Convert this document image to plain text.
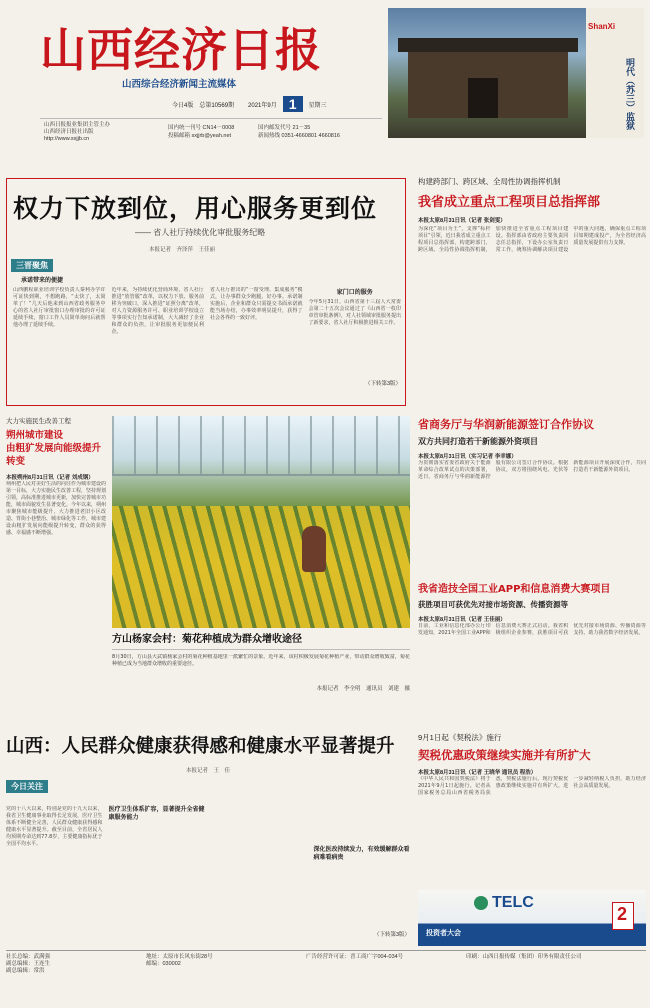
山西经济日报
山西综合经济新闻主流媒体
今日4版 总第10569期 2021年9月 1	星期三
山西日报报业集团主管主办
山西经济日报社出版
http://www.sxjjb.cn
国内统一刊号 CN14－0008
投稿邮箱 sxjjrb@yeah.net
国内邮发代号 21－35
新闻热线 0351-4660801 4660816
明代（苏三）监狱
ShanXi
权力下放到位，用心服务更到位
—— 省人社厅持续优化审批服务纪略
本报记者　齐泽萍　王佳丽
三晋聚焦
承诺带来的便捷
山西鹏程职业培训学校负责人秦利办学许可证快到期，不想跑路，“太快了，太简单了！”几天后他来到山西省政务服务中心的省人社厅审批窗口办理审批的许可证延续手续，窗口工作人员简单询问后就帮他办理了延续手续。
近年来，为持续优化营商环境，省人社厅推进“放管服”改革，以权力下放、服务前移为突破口，深入推进“证照分离”改革，对人力资源服务许可、职业培训学校设立等事项实行告知承诺制，大大减轻了企业和群众的负担，让审批服务更加便民利企。
省人社厅推出的“一窗受理、集成服务”模式，让办事群众少跑腿、好办事。承诺制实施后，企业和群众只需提交书面承诺就能当场办结，办事效率明显提升，获得了社会各界的一致好评。
家门口的服务
今年5月31日，山西省第十三届人大常委会第二十五次会议通过了《山西省一枚印章管审批条例》，对人社领域审批服务提出了新要求，省人社厅积极推进相关工作。
（下转第3版）
构建跨部门、跨区域、全局性协调指挥机制
我省成立重点工程项目总指挥部
本报太原8月31日讯（记者 张剑雯）
为深化“项目为王”，支撑“标杆项目”引领，近日我省成立重点工程项目总指挥部，构建跨部门、跨区域、全局性协调指挥机制，加快推进全省重点工程项目建设。指挥部由省政府主要负责同志任总指挥，下设办公室负责日常工作，统筹协调解决项目建设中的重大问题，确保重点工程项目如期建成投产，为全省经济高质量发展提供有力支撑。
大力实施民生改善工程
朔州城市建设
由粗犷发展向能级提升转变
本报朔州8月31日讯（记者 刘成钢）
朔州把人民对美好生活的向往作为城市建设的第一目标，大力实施民生改善工程，坚持规划引领，高标准推进城市更新，加快完善城市功能，城市面貌发生显著变化。今年以来，朔州市聚焦城市能级提升，大力推进老旧小区改造、背街小巷整治、城市绿化等工作，城市建设由粗犷发展向能级提升转变，群众的获得感、幸福感不断增强。
方山杨家会村：菊花种植成为群众增收途径
8月30日，方山县大武镇杨家会村的菊花种植基地里一派繁忙的景象。近年来，该村积极发展菊花种植产业，带动群众增收致富，菊花种植已成为当地群众增收的重要途径。
本报记者　李全明　通讯员　刘建　摄
省商务厅与华润新能源签订合作协议
双方共同打造若干新能源外资项目
本报太原8月31日讯（实习记者 李幸娜）
为贯彻落实省委省政府关于能源革命综合改革试点的决策部署，近日，省商务厅与华润新能源控股有限公司签订合作协议。根据协议，双方将围绕风电、光伏等新能源项目开展深度合作，共同打造若干新能源外资项目。
我省造技全国工业APP和信息消费大赛项目
获胜项目可获优先对接市场资源、传播资源等
本报太原8月31日讯（记者 王佳丽）
日前，工业和信息化部办公厅印发通知，2021年全国工业APP和信息消费大赛正式启动。我省积极组织企业参赛，获胜项目可获优先对接市场资源、传播资源等支持，助力我省数字经济发展。
山西：人民群众健康获得感和健康水平显著提升
本报记者　王　佳
今日关注
党的十八大以来，特别是党的十九大以来，我省卫生健康事业取得长足发展，医疗卫生体系不断健全完善，人民群众健康获得感和健康水平显著提升。截至目前，全省居民人均预期寿命达到77.8岁，主要健康指标优于全国平均水平。
医疗卫生体系扩容，显著提升全省健康服务能力
深化医改持续发力，有效缓解群众看病难看病贵
（下转第3版）
9月1日起《契税法》施行
契税优惠政策继续实施并有所扩大
本报太原8月31日讯（记者 王晓华 通讯员 程浩）
《中华人民共和国契税法》将于2021年9月1日起施行。记者从国家税务总局山西省税务局获悉，契税法施行后，现行契税优惠政策继续实施并有所扩大，进一步减轻纳税人负担，助力经济社会高质量发展。
TELC
投资者大会
2
社长总编：武满强
副总编辑：王连生
副总编辑：常洪
地址：太原市长风东街28号
邮编：030002
广告经营许可证：晋工商广字004-034号	印刷：山西日报传媒（集团）印务有限责任公司
